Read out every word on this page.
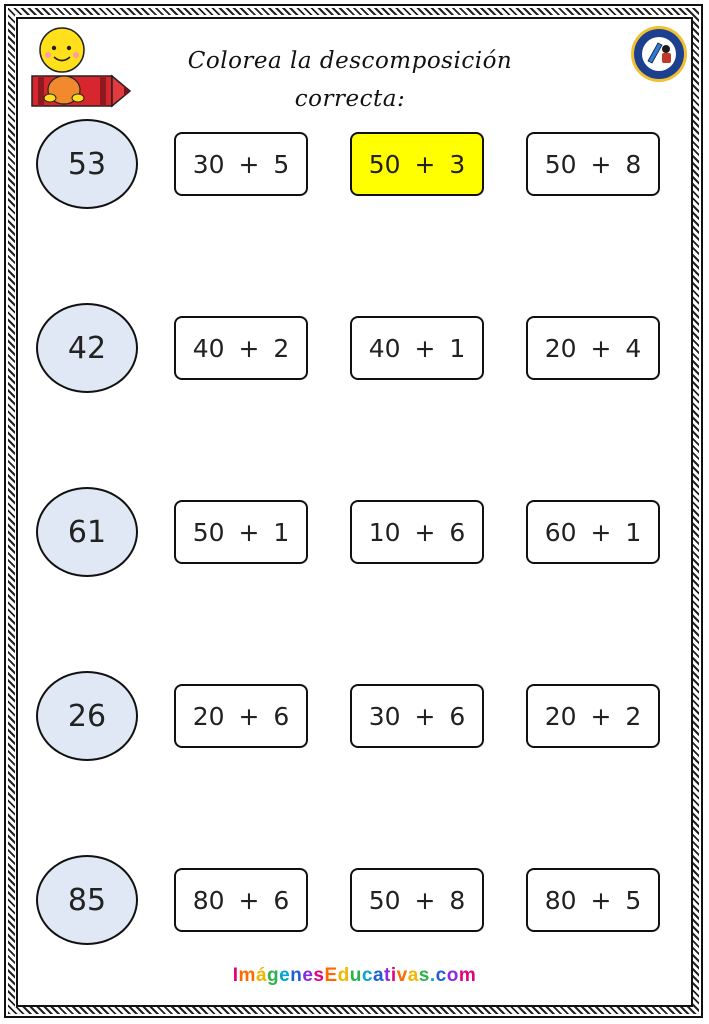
Colorea la descomposición
correcta:
53	30 + 5	50 + 3	50 + 8
42	40 + 2	40 + 1	20 + 4
61	50 + 1	10 + 6	60 + 1
26	20 + 6	30 + 6	20 + 2
85	80 + 6	50 + 8	80 + 5
ImágenesEducativas.com
